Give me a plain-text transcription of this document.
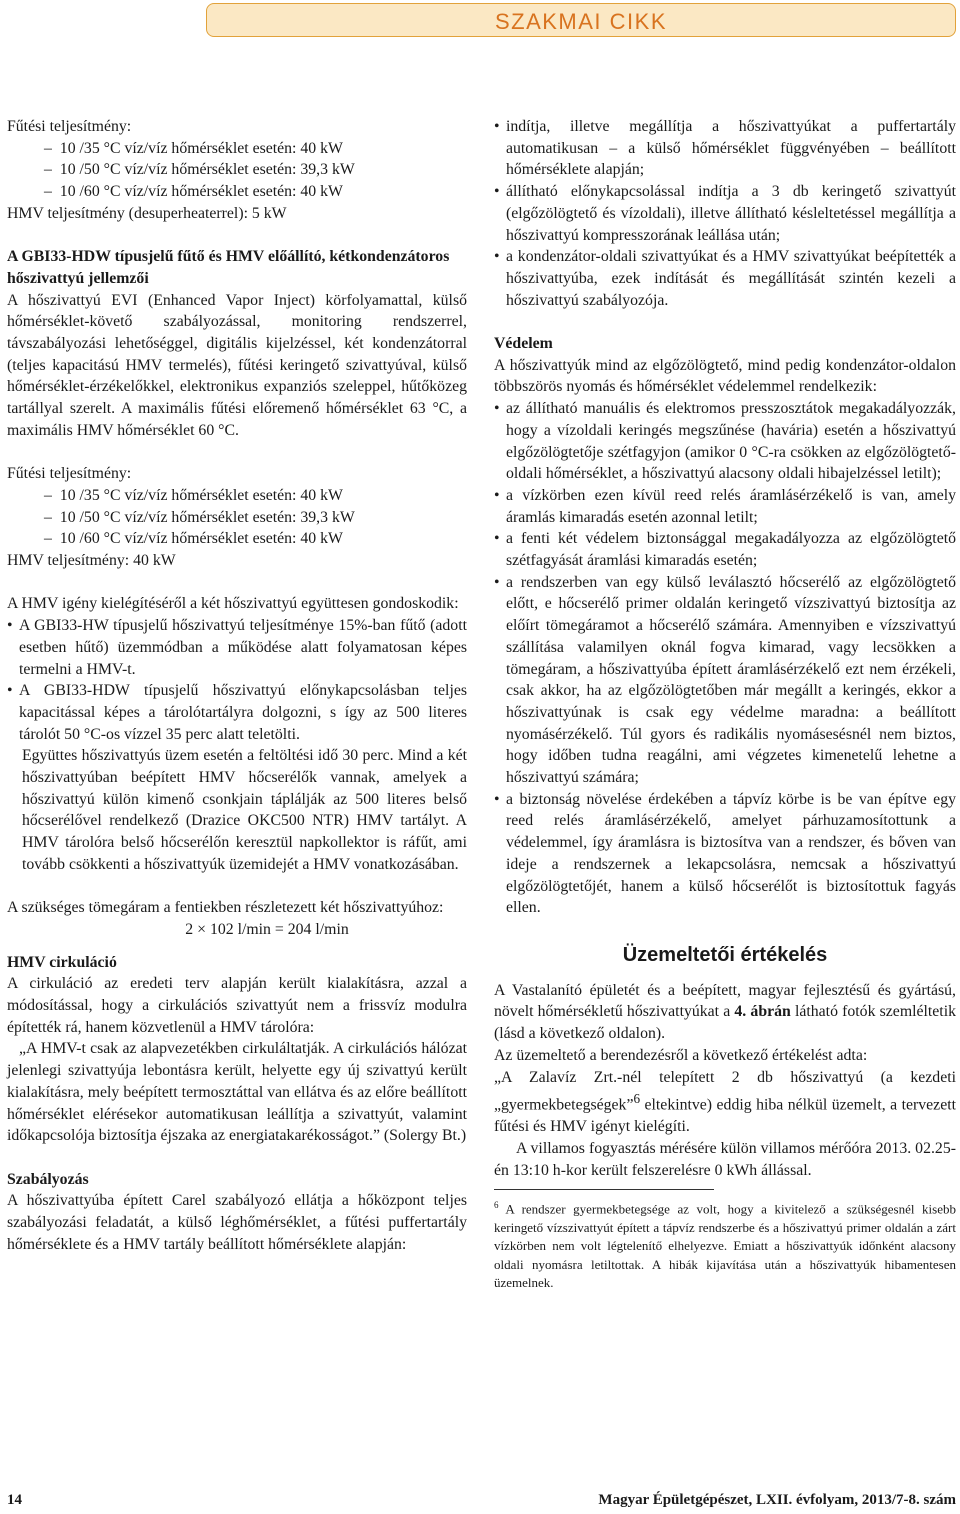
SZAKMAI CIKK

Fűtési teljesítmény:

–  10 /35 °C víz/víz hőmérséklet esetén: 40 kW

–  10 /50 °C víz/víz hőmérséklet esetén: 39,3 kW

–  10 /60 °C víz/víz hőmérséklet esetén: 40 kW

HMV teljesítmény (desuperheaterrel): 5 kW

A GBI33-HDW típusjelű fűtő és HMV előállító, kétkondenzátoros hőszivattyú jellemzői

A hőszivattyú EVI (Enhanced Vapor Inject) körfolyamattal, külső hőmérséklet-követő szabályozással, monitoring rendszerrel, távszabályozási lehetőséggel, digitális kijelzéssel, két kondenzátorral (teljes kapacitású HMV termelés), fűtési keringető szivattyúval, külső hőmérséklet-érzékelőkkel, elektronikus expanziós szeleppel, hűtőközeg tartállyal szerelt. A maximális fűtési előremenő hőmérséklet 63 °C, a maximális HMV hőmérséklet 60 °C.

Fűtési teljesítmény:

–  10 /35 °C víz/víz hőmérséklet esetén: 40 kW

–  10 /50 °C víz/víz hőmérséklet esetén: 39,3 kW

–  10 /60 °C víz/víz hőmérséklet esetén: 40 kW

HMV teljesítmény: 40 kW

A HMV igény kielégítéséről a két hőszivattyú együttesen gondoskodik:

• A GBI33-HW típusjelű hőszivattyú teljesítménye 15%-ban fűtő (adott esetben hűtő) üzemmódban a működése alatt folyamatosan képes termelni a HMV-t.
• A GBI33-HDW típusjelű hőszivattyú előnykapcsolásban teljes kapacitással képes a tárolótartályra dolgozni, s így az 500 literes tárolót 50 °C-os vízzel 35 perc alatt teletölti.

Együttes hőszivattyús üzem esetén a feltöltési idő 30 perc. Mind a két hőszivattyúban beépített HMV hőcserélők vannak, amelyek a hőszivattyú külön kimenő csonkjain táplálják az 500 literes belső hőcserélővel rendelkező (Drazice OKC500 NTR) HMV tartályt. A HMV tárolóra belső hőcserélőn keresztül napkollektor is ráfűt, ami tovább csökkenti a hőszivattyúk üzemidejét a HMV vonatkozásában.

A szükséges tömegáram a fentiekben részletezett két hőszivattyúhoz:

2 × 102 l/min = 204 l/min

HMV cirkuláció

A cirkuláció az eredeti terv alapján került kialakításra, azzal a módosítással, hogy a cirkulációs szivattyút nem a frissvíz modulra építették rá, hanem közvetlenül a HMV tárolóra:

„A HMV-t csak az alapvezetékben cirkuláltatják. A cirkulációs hálózat jelenlegi szivattyúja lebontásra került, helyette egy új szivattyú került kialakításra, mely beépített termosztáttal van ellátva és az előre beállított hőmérséklet elérésekor automatikusan leállítja a szivattyút, valamint időkapcsolója biztosítja éjszaka az energiatakarékosságot.” (Solergy Bt.)

Szabályozás

A hőszivattyúba épített Carel szabályozó ellátja a hőközpont teljes szabályozási feladatát, a külső léghőmérséklet, a fűtési puffertartály hőmérséklete és a HMV tartály beállított hőmérséklete alapján:

• indítja, illetve megállítja a hőszivattyúkat a puffertartály automatikusan – a külső hőmérséklet függvényében – beállított hőmérséklete alapján;
• állítható előnykapcsolással indítja a 3 db keringető szivattyút (elgőzölögtető és vízoldali), illetve állítható késleltetéssel megállítja a hőszivattyú kompresszorának leállása után;
• a kondenzátor-oldali szivattyúkat és a HMV szivattyúkat beépítették a hőszivattyúba, ezek indítását és megállítását szintén kezeli a hőszivattyú szabályozója.
Védelem

A hőszivattyúk mind az elgőzölögtető, mind pedig kondenzátor-oldalon többszörös nyomás és hőmérséklet védelemmel rendelkezik:

• az állítható manuális és elektromos presszosztátok megakadályozzák, hogy a vízoldali keringés megszűnése (havária) esetén a hőszivattyú elgőzölögtetője szétfagyjon (amikor 0 °C-ra csökken az elgőzölögtető-oldali hőmérséklet, a hőszivattyú alacsony oldali hibajelzéssel letilt);
• a vízkörben ezen kívül reed relés áramlásérzékelő is van, amely áramlás kimaradás esetén azonnal letilt;
• a fenti két védelem biztonsággal megakadályozza az elgőzölögtető szétfagyását áramlási kimaradás esetén;
• a rendszerben van egy külső leválasztó hőcserélő az elgőzölögtető előtt, e hőcserélő primer oldalán keringető vízszivattyú biztosítja az előírt tömegáramot a hőcserélő számára. Amennyiben e vízszivattyú szállítása valamilyen oknál fogva kimarad, vagy lecsökken a tömegáram, a hőszivattyúba épített áramlásérzékelő ezt nem érzékeli, csak akkor, ha az elgőzölögtetőben már megállt a keringés, ekkor a hőszivattyúnak is csak egy védelme maradna: a beállított nyomásérzékelő. Túl gyors és radikális nyomásesésnél nem biztos, hogy időben tudna reagálni, ami végzetes kimenetelű lehetne a hőszivattyú számára;
• a biztonság növelése érdekében a tápvíz körbe is be van építve egy reed relés áramlásérzékelő, amelyet párhuzamosítottunk a védelemmel, így áramlásra is biztosítva van a rendszer, és bőven van ideje a rendszernek a lekapcsolásra, nemcsak a hőszivattyú elgőzölögtetőjét, hanem a külső hőcserélőt is biztosítottuk fagyás ellen.

Üzemeltetői értékelés

A Vastalanító épületét és a beépített, magyar fejlesztésű és gyártású, növelt hőmérsékletű hőszivattyúkat a 4. ábrán látható fotók szemléltetik (lásd a következő oldalon).

Az üzemeltető a berendezésről a következő értékelést adta:

„A Zalavíz Zrt.-nél telepített 2 db hőszivattyú (a kezdeti „gyermekbetegségek”$^6$ eltekintve) eddig hiba nélkül üzemelt, a tervezett fűtési és HMV igényt kielégíti.

A villamos fogyasztás mérésére külön villamos mérőóra 2013. 02.25-én 13:10 h-kor került felszerelésre 0 kWh állással.

$^6$ A rendszer gyermekbetegsége az volt, hogy a kivitelező a szükségesnél kisebb keringető vízszivattyút épített a tápvíz rendszerbe és a hőszivattyú primer oldalán a zárt vízkörben nem volt légtelenítő elhelyezve. Emiatt a hőszivattyúk időnként alacsony oldali nyomásra letiltottak. A hibák kijavítása után a hőszivattyúk hibamentesen üzemelnek.

14	Magyar Épületgépészet, LXII. évfolyam, 2013/7-8. szám
